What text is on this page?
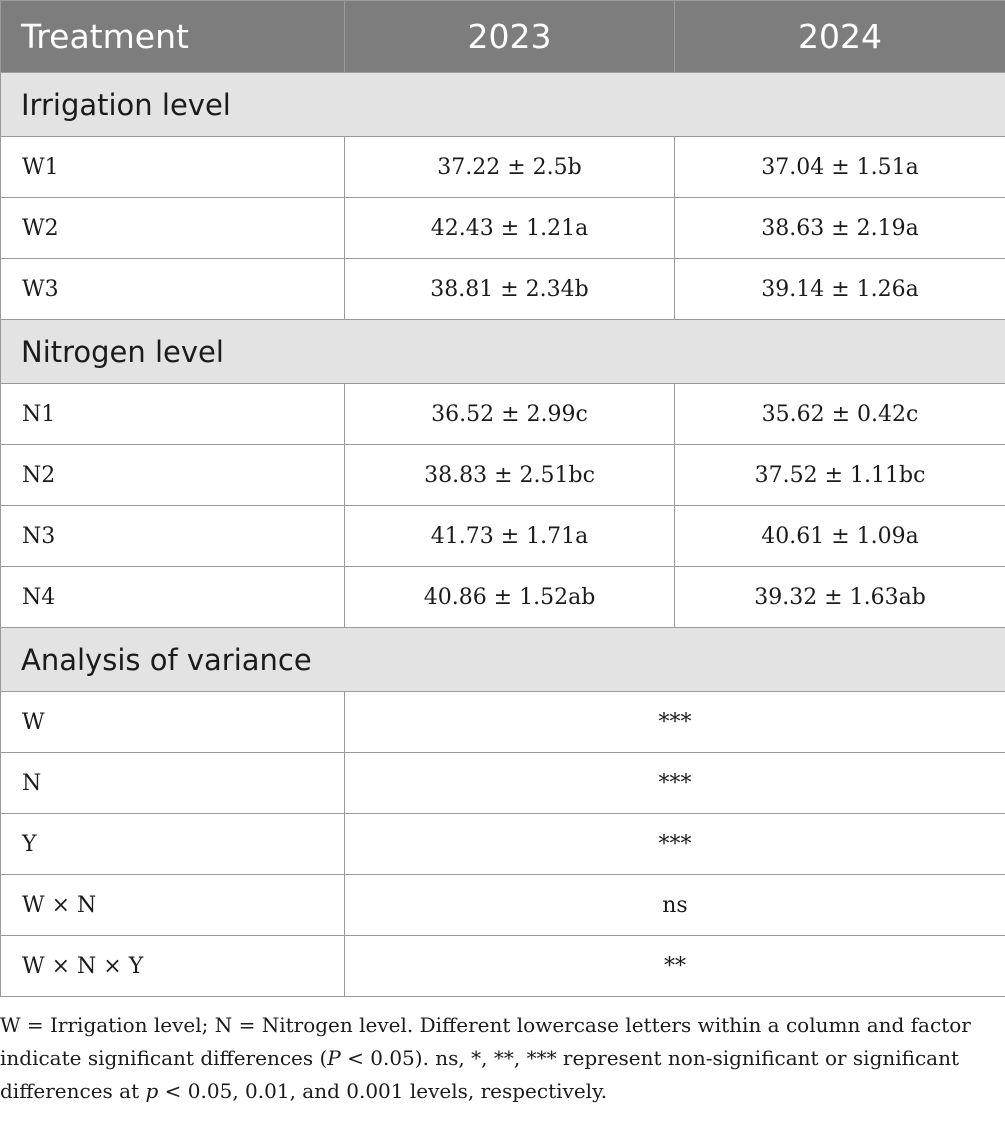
Treatment	2023	2024
Irrigation level		
W1	37.22 ± 2.5b	37.04 ± 1.51a
W2	42.43 ± 1.21a	38.63 ± 2.19a
W3	38.81 ± 2.34b	39.14 ± 1.26a
Nitrogen level		
N1	36.52 ± 2.99c	35.62 ± 0.42c
N2	38.83 ± 2.51bc	37.52 ± 1.11bc
N3	41.73 ± 1.71a	40.61 ± 1.09a
N4	40.86 ± 1.52ab	39.32 ± 1.63ab
Analysis of variance		
W	***	
N	***	
Y	***	
W × N	ns	
W × N × Y	**	

W = Irrigation level; N = Nitrogen level. Different lowercase letters within a column and factor indicate significant differences (P < 0.05). ns, *, **, *** represent non-significant or significant differences at p < 0.05, 0.01, and 0.001 levels, respectively.
